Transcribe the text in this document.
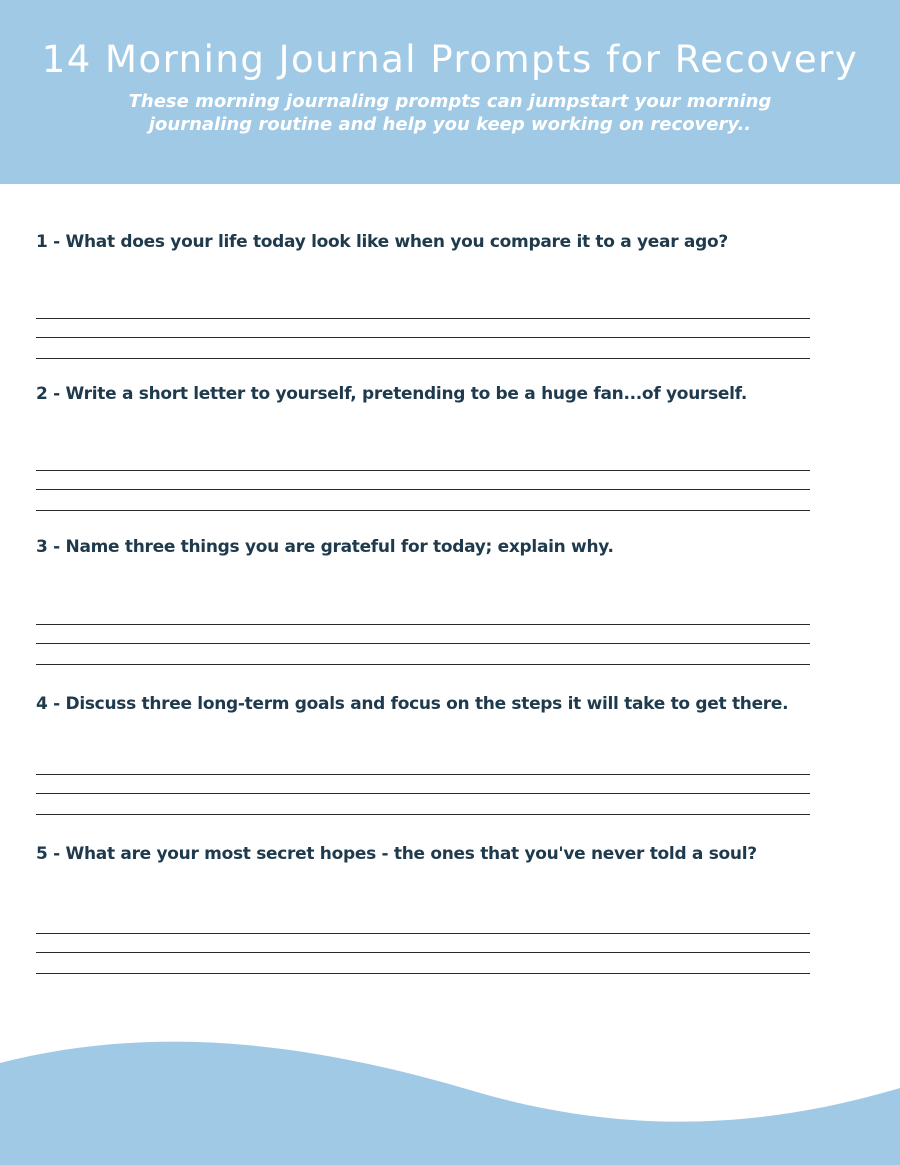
14 Morning Journal Prompts for Recovery

These morning journaling prompts can jumpstart your morning journaling routine and help you keep working on recovery..

1 - What does your life today look like when you compare it to a year ago?

2 - Write a short letter to yourself, pretending to be a huge fan...of yourself.

3 - Name three things you are grateful for today; explain why.

4 - Discuss three long-term goals and focus on the steps it will take to get there.

5 - What are your most secret hopes - the ones that you've never told a soul?
